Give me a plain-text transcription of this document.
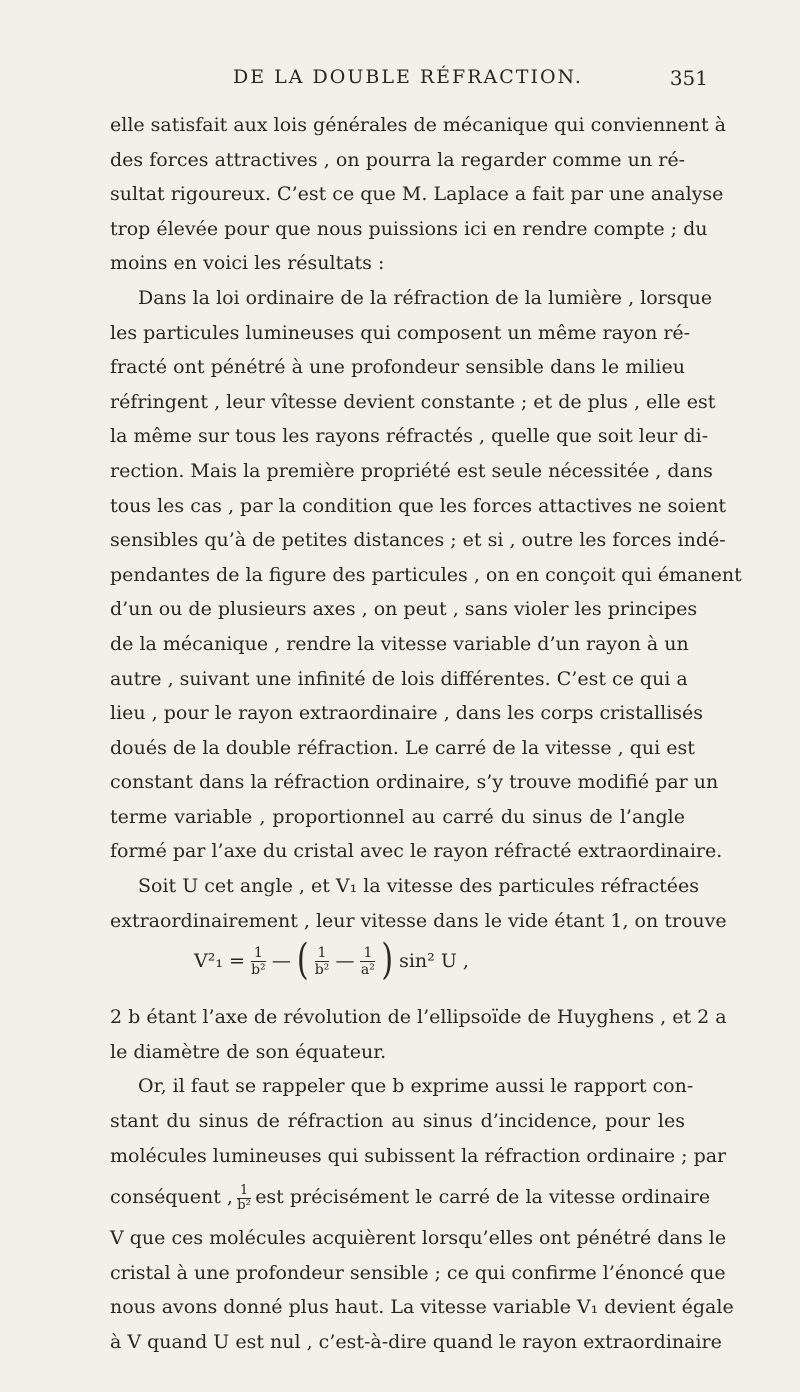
DE LA DOUBLE RÉFRACTION.	351
elle satisfait aux lois générales de mécanique qui conviennent à
des forces attractives , on pourra la regarder comme un ré-
sultat rigoureux. C’est ce que M. Laplace a fait par une analyse
trop élevée pour que nous puissions ici en rendre compte ; du
moins en voici les résultats :
Dans la loi ordinaire de la réfraction de la lumière , lorsque
les particules lumineuses qui composent un même rayon ré-
fracté ont pénétré à une profondeur sensible dans le milieu
réfringent , leur vîtesse devient constante ; et de plus , elle est
la même sur tous les rayons réfractés , quelle que soit leur di-
rection. Mais la première propriété est seule nécessitée , dans
tous les cas , par la condition que les forces attactives ne soient
sensibles qu’à de petites distances ; et si , outre les forces indé-
pendantes de la figure des particules , on en conçoit qui émanent
d’un ou de plusieurs axes , on peut , sans violer les principes
de la mécanique , rendre la vitesse variable d’un rayon à un
autre , suivant une infinité de lois différentes. C’est ce qui a
lieu , pour le rayon extraordinaire , dans les corps cristallisés
doués de la double réfraction. Le carré de la vitesse , qui est
constant dans la réfraction ordinaire, s’y trouve modifié par un
terme variable , proportionnel au carré du sinus de l’angle
formé par l’axe du cristal avec le rayon réfracté extraordinaire.
Soit U cet angle , et V₁ la vitesse des particules réfractées
extraordinairement , leur vitesse dans le vide étant 1, on trouve
$V^2_1 = \frac{1}{\text{b²}}$ — ( $\frac{1}{\text{b²}}$ — $\frac{1}{\text{a²}}$ ) sin² U ,
2 b étant l’axe de révolution de l’ellipsoïde de Huyghens , et 2 a
le diamètre de son équateur.
Or, il faut se rappeler que b exprime aussi le rapport con-
stant du sinus de réfraction au sinus d’incidence, pour les
molécules lumineuses qui subissent la réfraction ordinaire ; par
conséquent , $\frac{1}{\text{b²}}$ est précisément le carré de la vitesse ordinaire
V que ces molécules acquièrent lorsqu’elles ont pénétré dans le
cristal à une profondeur sensible ; ce qui confirme l’énoncé que
nous avons donné plus haut. La vitesse variable V₁ devient égale
à V quand U est nul , c’est-à-dire quand le rayon extraordinaire
